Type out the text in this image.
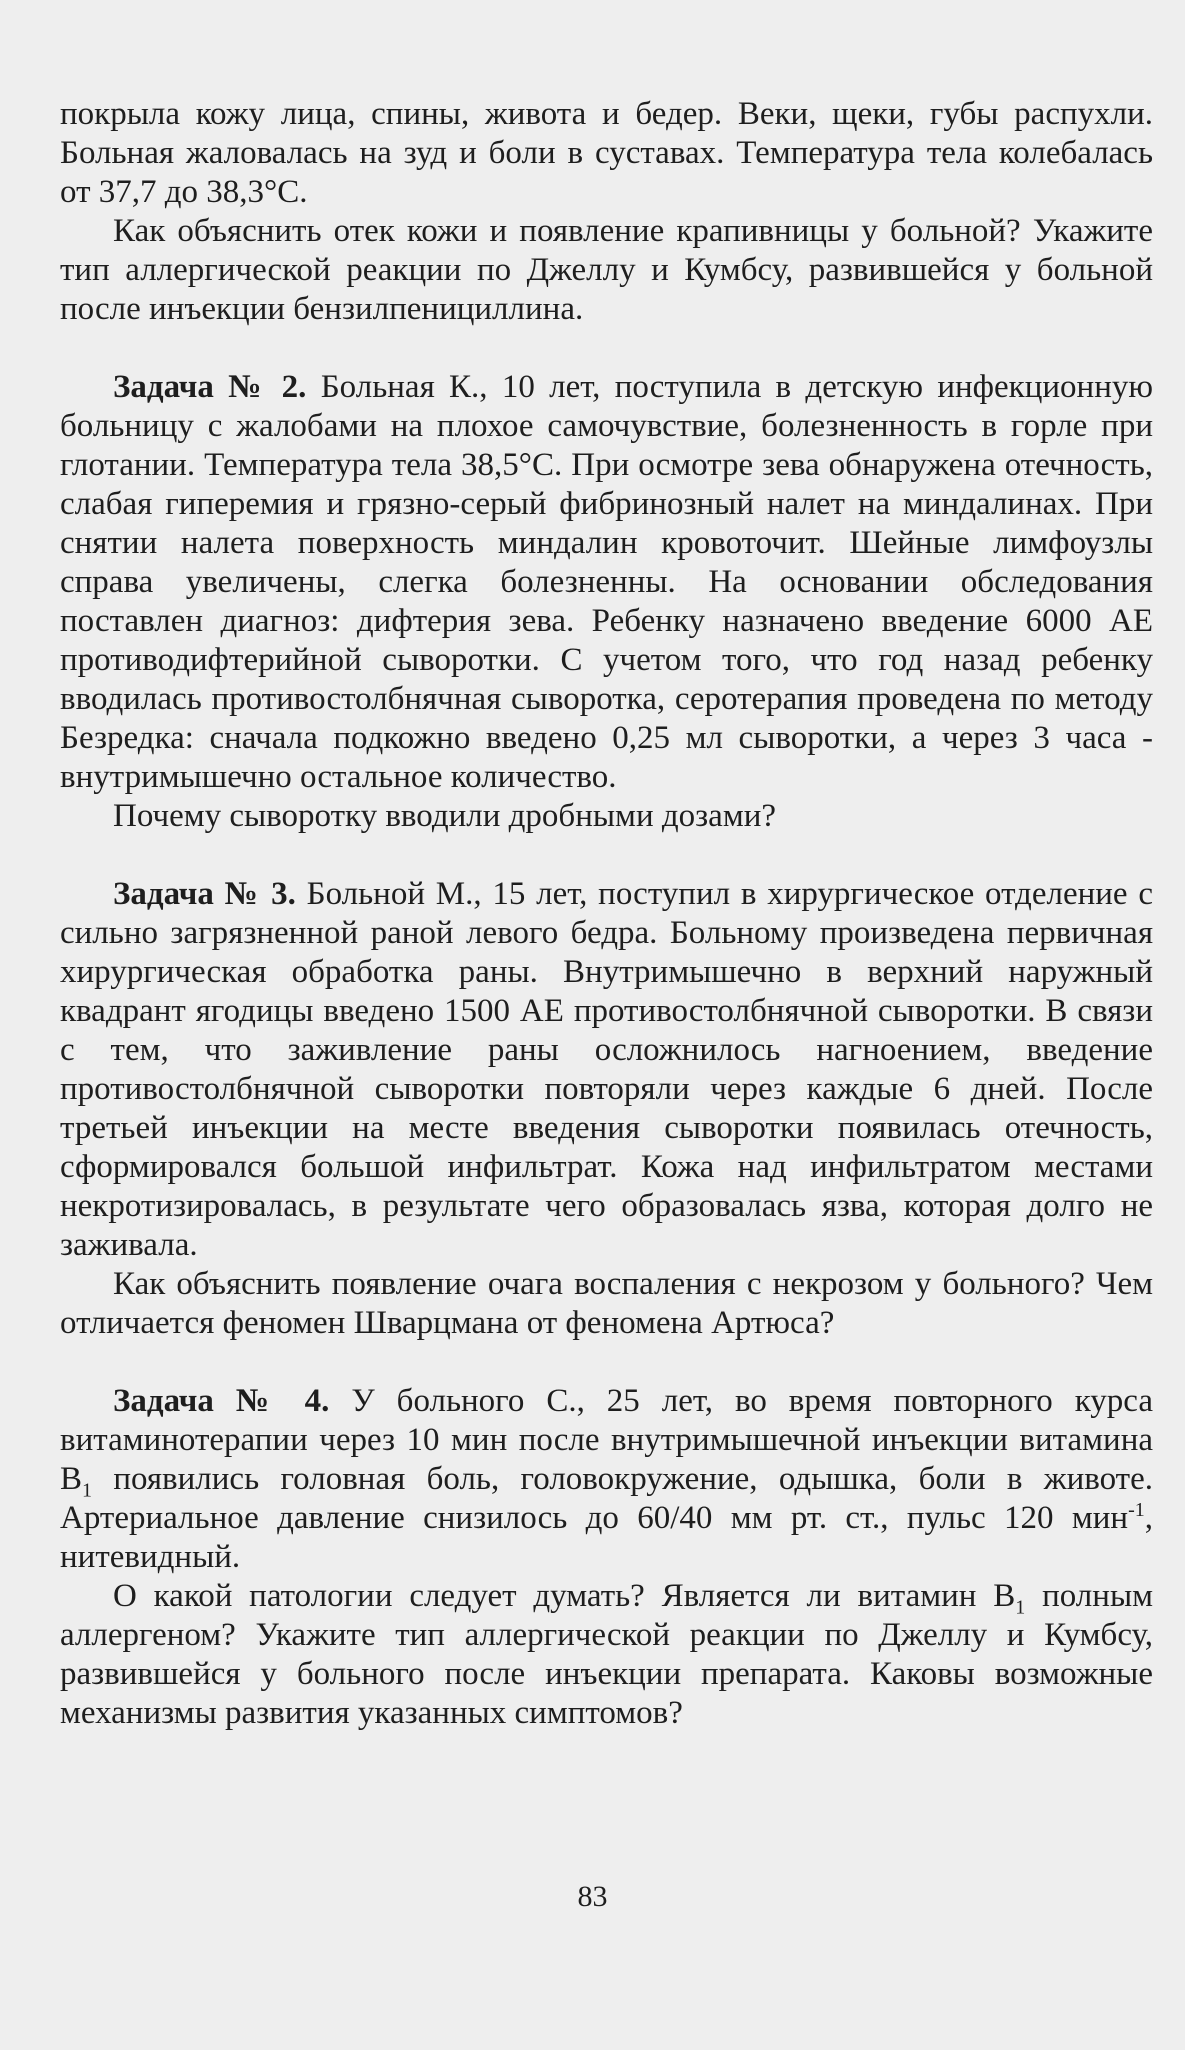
покрыла кожу лица, спины, живота и бедер. Веки, щеки, губы распухли. Больная жаловалась на зуд и боли в суставах. Температура тела колебалась от 37,7 до 38,3°С.

Как объяснить отек кожи и появление крапивницы у больной? Укажите тип аллергической реакции по Джеллу и Кумбсу, развившейся у больной после инъекции бензилпенициллина.

Задача № 2. Больная К., 10 лет, поступила в детскую инфекционную больницу с жалобами на плохое самочувствие, болезненность в горле при глотании. Температура тела 38,5°С. При осмотре зева обнаружена отечность, слабая гиперемия и грязно-серый фибринозный налет на миндалинах. При снятии налета поверхность миндалин кровоточит. Шейные лимфоузлы справа увеличены, слегка болезненны. На основании обследования поставлен диагноз: дифтерия зева. Ребенку назначено введение 6000 АЕ противодифтерийной сыворотки. С учетом того, что год назад ребенку вводилась противостолбнячная сыворотка, серотерапия проведена по методу Безредка: сначала подкожно введено 0,25 мл сыворотки, а через 3 часа - внутримышечно остальное количество.

Почему сыворотку вводили дробными дозами?

Задача № 3. Больной М., 15 лет, поступил в хирургическое отделение с сильно загрязненной раной левого бедра. Больному произведена первичная хирургическая обработка раны. Внутримышечно в верхний наружный квадрант ягодицы введено 1500 АЕ противостолбнячной сыворотки. В связи с тем, что заживление раны осложнилось нагноением, введение противостолбнячной сыворотки повторяли через каждые 6 дней. После третьей инъекции на месте введения сыворотки появилась отечность, сформировался большой инфильтрат. Кожа над инфильтратом местами некротизировалась, в результате чего образовалась язва, которая долго не заживала.

Как объяснить появление очага воспаления с некрозом у больного? Чем отличается феномен Шварцмана от феномена Артюса?

Задача № 4. У больного С., 25 лет, во время повторного курса витаминотерапии через 10 мин после внутримышечной инъекции витамина $В_1$ появились головная боль, головокружение, одышка, боли в животе. Артериальное давление снизилось до 60/40 мм рт. ст., пульс 120 мин$^{-1}$, нитевидный.

О какой патологии следует думать? Является ли витамин $В_1$ полным аллергеном? Укажите тип аллергической реакции по Джеллу и Кумбсу, развившейся у больного после инъекции препарата. Каковы возможные механизмы развития указанных симптомов?

83
